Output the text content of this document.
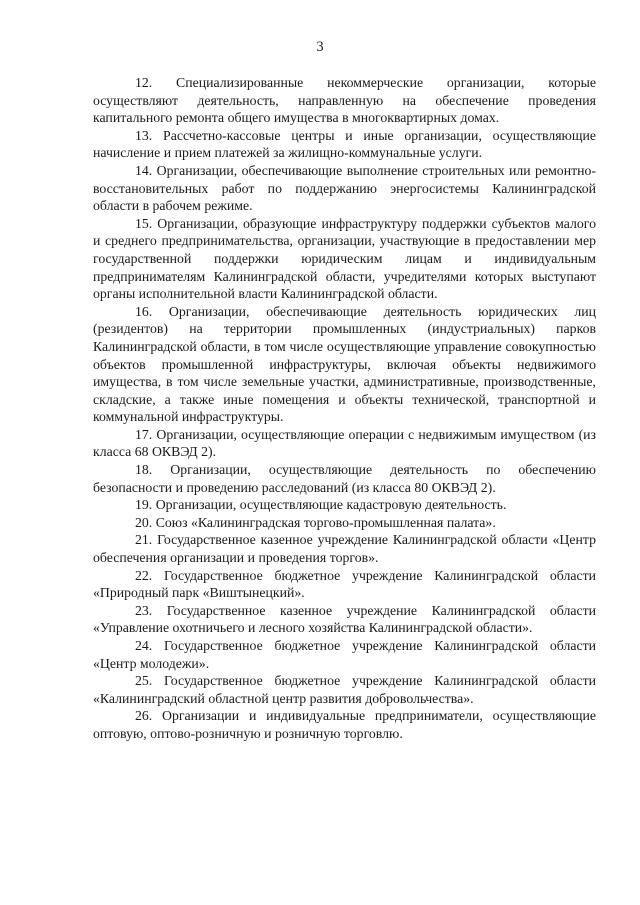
3

12. Специализированные некоммерческие организации, которые осуществляют деятельность, направленную на обеспечение проведения капитального ремонта общего имущества в многоквартирных домах.

13. Рассчетно-кассовые центры и иные организации, осуществляющие начисление и прием платежей за жилищно-коммунальные услуги.

14. Организации, обеспечивающие выполнение строительных или ремонтно-восстановительных работ по поддержанию энергосистемы Калининградской области в рабочем режиме.

15. Организации, образующие инфраструктуру поддержки субъектов малого и среднего предпринимательства, организации, участвующие в предоставлении мер государственной поддержки юридическим лицам и индивидуальным предпринимателям Калининградской области, учредителями которых выступают органы исполнительной власти Калининградской области.

16. Организации, обеспечивающие деятельность юридических лиц (резидентов) на территории промышленных (индустриальных) парков Калининградской области, в том числе осуществляющие управление совокупностью объектов промышленной инфраструктуры, включая объекты недвижимого имущества, в том числе земельные участки, административные, производственные, складские, а также иные помещения и объекты технической, транспортной и коммунальной инфраструктуры.

17. Организации, осуществляющие операции с недвижимым имуществом (из класса 68 ОКВЭД 2).

18. Организации, осуществляющие деятельность по обеспечению безопасности и проведению расследований (из класса 80 ОКВЭД 2).

19. Организации, осуществляющие кадастровую деятельность.

20. Союз «Калининградская торгово-промышленная палата».

21. Государственное казенное учреждение Калининградской области «Центр обеспечения организации и проведения торгов».

22. Государственное бюджетное учреждение Калининградской области «Природный парк «Виштынецкий».

23. Государственное казенное учреждение Калининградской области «Управление охотничьего и лесного хозяйства Калининградской области».

24. Государственное бюджетное учреждение Калининградской области «Центр молодежи».

25. Государственное бюджетное учреждение Калининградской области «Калининградский областной центр развития добровольчества».

26. Организации и индивидуальные предприниматели, осуществляющие оптовую, оптово-розничную и розничную торговлю.
